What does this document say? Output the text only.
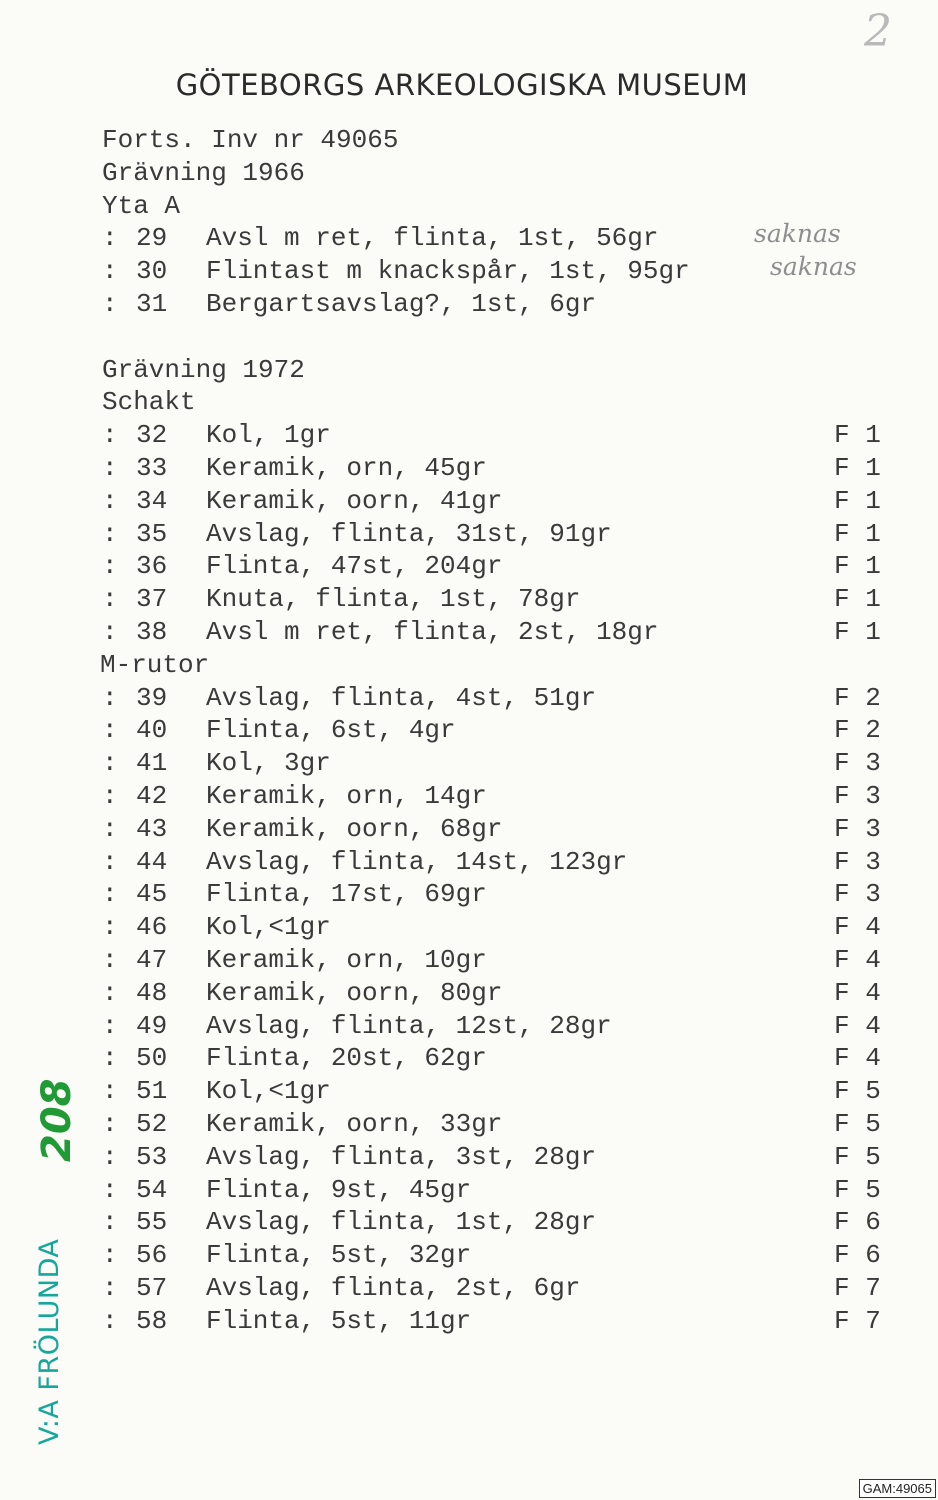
2
GÖTEBORGS ARKEOLOGISKA MUSEUM
Forts. Inv nr 49065
Grävning 1966
Yta A
: 29 Avsl m ret, flinta, 1st, 56gr	saknas
: 30 Flintast m knackspår, 1st, 95gr	saknas
: 31 Bergartsavslag?, 1st, 6gr
Grävning 1972
Schakt
: 32 Kol, 1gr	F 1
: 33 Keramik, orn, 45gr	F 1
: 34 Keramik, oorn, 41gr	F 1
: 35 Avslag, flinta, 31st, 91gr	F 1
: 36 Flinta, 47st, 204gr	F 1
: 37 Knuta, flinta, 1st, 78gr	F 1
: 38 Avsl m ret, flinta, 2st, 18gr	F 1
M-rutor
: 39 Avslag, flinta, 4st, 51gr	F 2
: 40 Flinta, 6st, 4gr	F 2
: 41 Kol, 3gr	F 3
: 42 Keramik, orn, 14gr	F 3
: 43 Keramik, oorn, 68gr	F 3
: 44 Avslag, flinta, 14st, 123gr	F 3
: 45 Flinta, 17st, 69gr	F 3
: 46 Kol,<1gr	F 4
: 47 Keramik, orn, 10gr	F 4
: 48 Keramik, oorn, 80gr	F 4
: 49 Avslag, flinta, 12st, 28gr	F 4
: 50 Flinta, 20st, 62gr	F 4
: 51 Kol,<1gr	F 5
: 52 Keramik, oorn, 33gr	F 5
: 53 Avslag, flinta, 3st, 28gr	F 5
: 54 Flinta, 9st, 45gr	F 5
: 55 Avslag, flinta, 1st, 28gr	F 6
: 56 Flinta, 5st, 32gr	F 6
: 57 Avslag, flinta, 2st, 6gr	F 7
: 58 Flinta, 5st, 11gr	F 7
208
V:A FRÖLUNDA
GAM:49065
